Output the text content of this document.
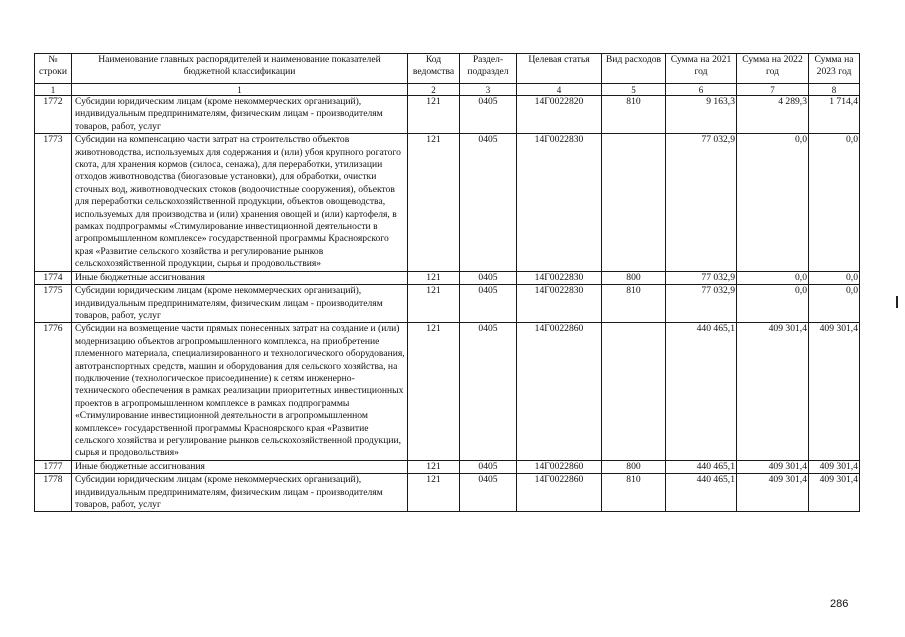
№ строки	Наименование главных распорядителей и наименование показателей бюджетной классификации	Код ведомства	Раздел-подраздел	Целевая статья	Вид расходов	Сумма на 2021 год	Сумма на 2022 год	Сумма на 2023 год
1	1	2	3	4	5	6	7	8
1772	Субсидии юридическим лицам (кроме некоммерческих организаций), индивидуальным предпринимателям, физическим лицам - производителям товаров, работ, услуг	121	0405	14Г0022820	810	9 163,3	4 289,3	1 714,4
1773	Субсидии на компенсацию части затрат на строительство объектов животноводства, используемых для содержания и (или) убоя крупного рогатого скота, для хранения кормов (силоса, сенажа), для переработки, утилизации отходов животноводства (биогазовые установки), для обработки, очистки сточных вод, животноводческих стоков (водоочистные сооружения), объектов для переработки сельскохозяйственной продукции, объектов овощеводства, используемых для производства и (или) хранения овощей и (или) картофеля, в рамках подпрограммы «Стимулирование инвестиционной деятельности в агропромышленном комплексе» государственной программы Красноярского края «Развитие сельского хозяйства и регулирование рынков сельскохозяйственной продукции, сырья и продовольствия»	121	0405	14Г0022830		77 032,9	0,0	0,0
1774	Иные бюджетные ассигнования	121	0405	14Г0022830	800	77 032,9	0,0	0,0
1775	Субсидии юридическим лицам (кроме некоммерческих организаций), индивидуальным предпринимателям, физическим лицам - производителям товаров, работ, услуг	121	0405	14Г0022830	810	77 032,9	0,0	0,0
1776	Субсидии на возмещение части прямых понесенных затрат на создание и (или) модернизацию объектов агропромышленного комплекса, на приобретение племенного материала, специализированного и технологического оборудования, автотранспортных средств, машин и оборудования для сельского хозяйства, на подключение (технологическое присоединение) к сетям инженерно-технического обеспечения в рамках реализации приоритетных инвестиционных проектов в агропромышленном комплексе в рамках подпрограммы «Стимулирование инвестиционной деятельности в агропромышленном комплексе» государственной программы Красноярского края «Развитие сельского хозяйства и регулирование рынков сельскохозяйственной продукции, сырья и продовольствия»	121	0405	14Г0022860		440 465,1	409 301,4	409 301,4
1777	Иные бюджетные ассигнования	121	0405	14Г0022860	800	440 465,1	409 301,4	409 301,4
1778	Субсидии юридическим лицам (кроме некоммерческих организаций), индивидуальным предпринимателям, физическим лицам - производителям товаров, работ, услуг	121	0405	14Г0022860	810	440 465,1	409 301,4	409 301,4
286
